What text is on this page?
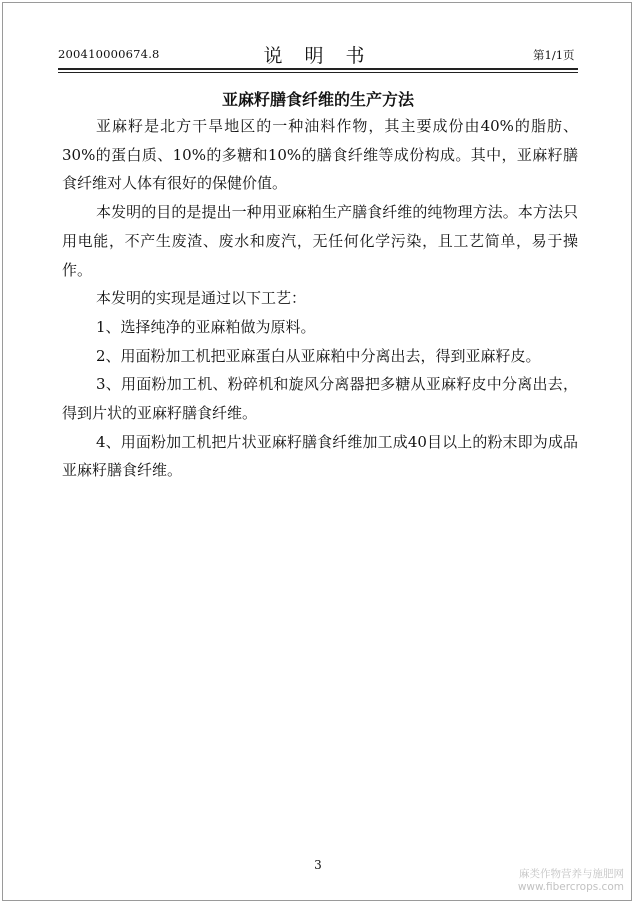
200410000674.8	说 明 书	第1/1页
亚麻籽膳食纤维的生产方法

亚麻籽是北方干旱地区的一种油料作物，其主要成份由40%的脂肪、30%的蛋白质、10%的多糖和10%的膳食纤维等成份构成。其中，亚麻籽膳食纤维对人体有很好的保健价值。

本发明的目的是提出一种用亚麻粕生产膳食纤维的纯物理方法。本方法只用电能，不产生废渣、废水和废汽，无任何化学污染，且工艺简单，易于操作。

本发明的实现是通过以下工艺：

1、选择纯净的亚麻粕做为原料。

2、用面粉加工机把亚麻蛋白从亚麻粕中分离出去，得到亚麻籽皮。

3、用面粉加工机、粉碎机和旋风分离器把多糖从亚麻籽皮中分离出去，得到片状的亚麻籽膳食纤维。

4、用面粉加工机把片状亚麻籽膳食纤维加工成40目以上的粉末即为成品亚麻籽膳食纤维。

3
麻类作物营养与施肥网
www.fibercrops.com
